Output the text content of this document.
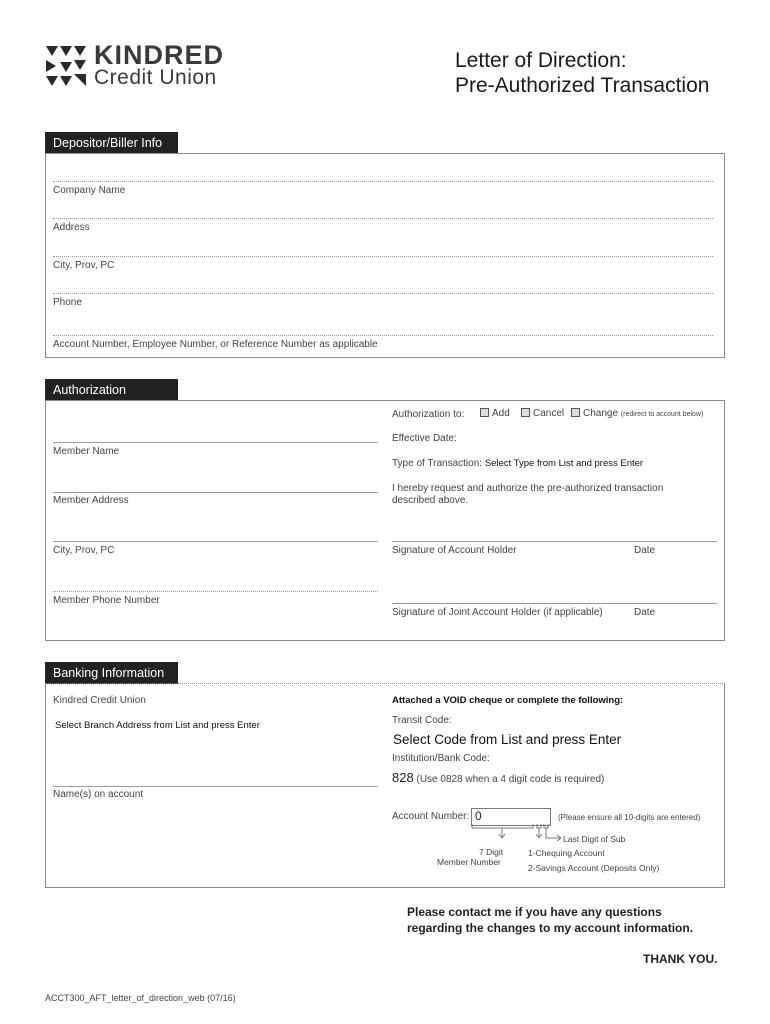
KINDRED
Credit Union
Letter of Direction:
Pre-Authorized Transaction
Depositor/Biller Info
Company Name
Address
City, Prov, PC
Phone
Account Number, Employee Number, or Reference Number as applicable
Authorization
Member Name
Member Address
City, Prov, PC
Member Phone Number
Authorization to:	Add	Cancel	Change (redirect to account below)
Effective Date:
Type of Transaction: Select Type from List and press Enter
I hereby request and authorize the pre-authorized transaction
described above.
Signature of Account Holder	Date
Signature of Joint Account Holder (if applicable)	Date
Banking Information
Kindred Credit Union
Select Branch Address from List and press Enter
Name(s) on account
Attached a VOID cheque or complete the following:
Transit Code:
Select Code from List and press Enter
Institution/Bank Code:
828 (Use 0828 when a 4 digit code is required)
Account Number: 0	(Please ensure all 10-digits are entered)
Last Digit of Sub
7 Digit
Member Number
1-Chequing Account
2-Savings Account (Deposits Only)
Please contact me if you have any questions
regarding the changes to my account information.
THANK YOU.
ACCT300_AFT_letter_of_direction_web (07/16)
